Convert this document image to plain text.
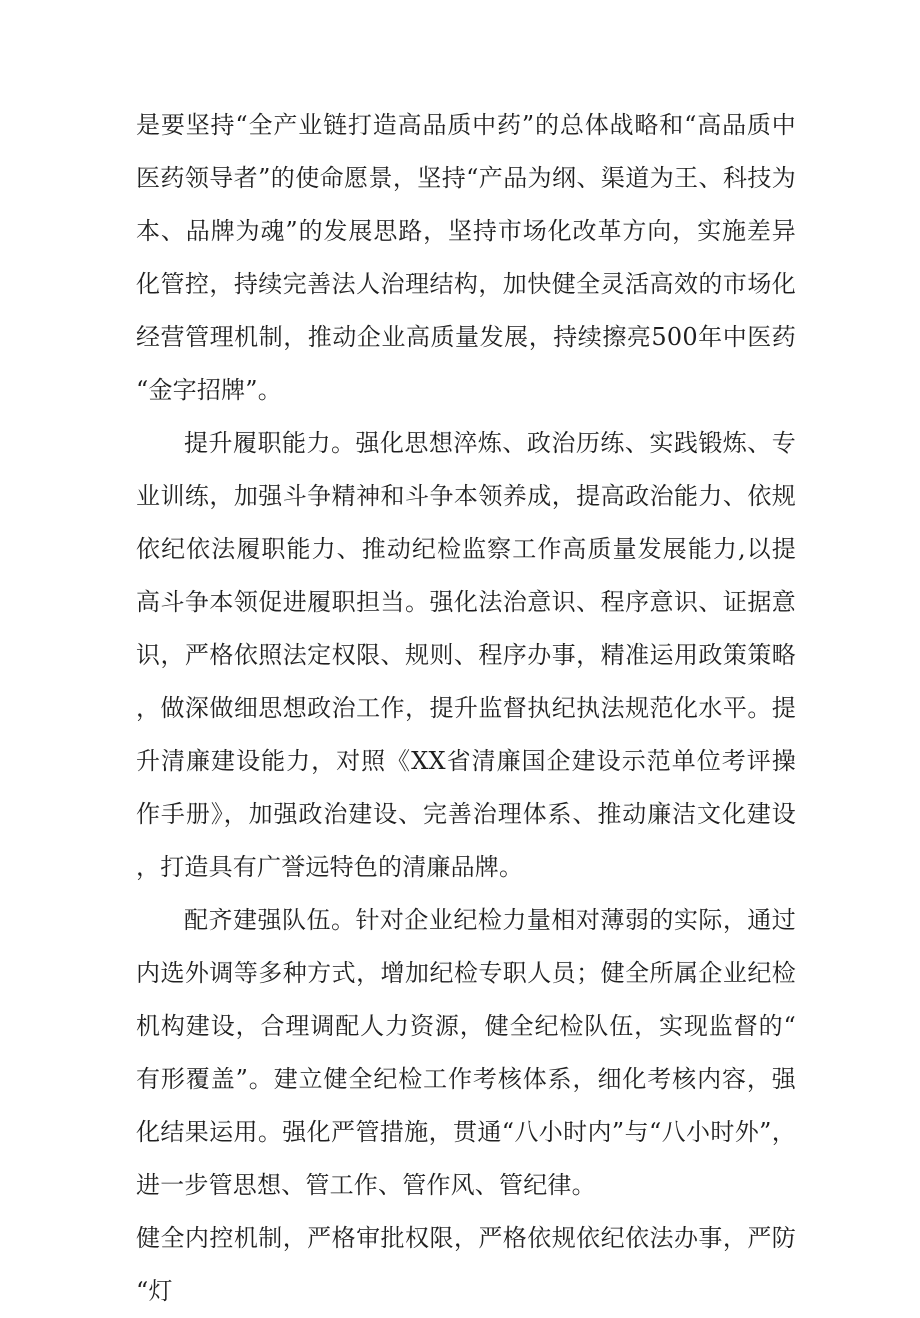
是要坚持“全产业链打造高品质中药”的总体战略和“高品质中医药领导者”的使命愿景，坚持“产品为纲、渠道为王、科技为本、品牌为魂”的发展思路，坚持市场化改革方向，实施差异化管控，持续完善法人治理结构，加快健全灵活高效的市场化经营管理机制，推动企业高质量发展，持续擦亮500年中医药“金字招牌”。

提升履职能力。强化思想淬炼、政治历练、实践锻炼、专业训练，加强斗争精神和斗争本领养成，提高政治能力、依规依纪依法履职能力、推动纪检监察工作高质量发展能力,以提高斗争本领促进履职担当。强化法治意识、程序意识、证据意识，严格依照法定权限、规则、程序办事，精准运用政策策略，做深做细思想政治工作，提升监督执纪执法规范化水平。提升清廉建设能力，对照《XX省清廉国企建设示范单位考评操作手册》，加强政治建设、完善治理体系、推动廉洁文化建设，打造具有广誉远特色的清廉品牌。

配齐建强队伍。针对企业纪检力量相对薄弱的实际，通过内选外调等多种方式，增加纪检专职人员；健全所属企业纪检机构建设，合理调配人力资源，健全纪检队伍，实现监督的“有形覆盖”。建立健全纪检工作考核体系，细化考核内容，强化结果运用。强化严管措施，贯通“八小时内”与“八小时外”，进一步管思想、管工作、管作风、管纪律。

健全内控机制，严格审批权限，严格依规依纪依法办事，严防“灯
